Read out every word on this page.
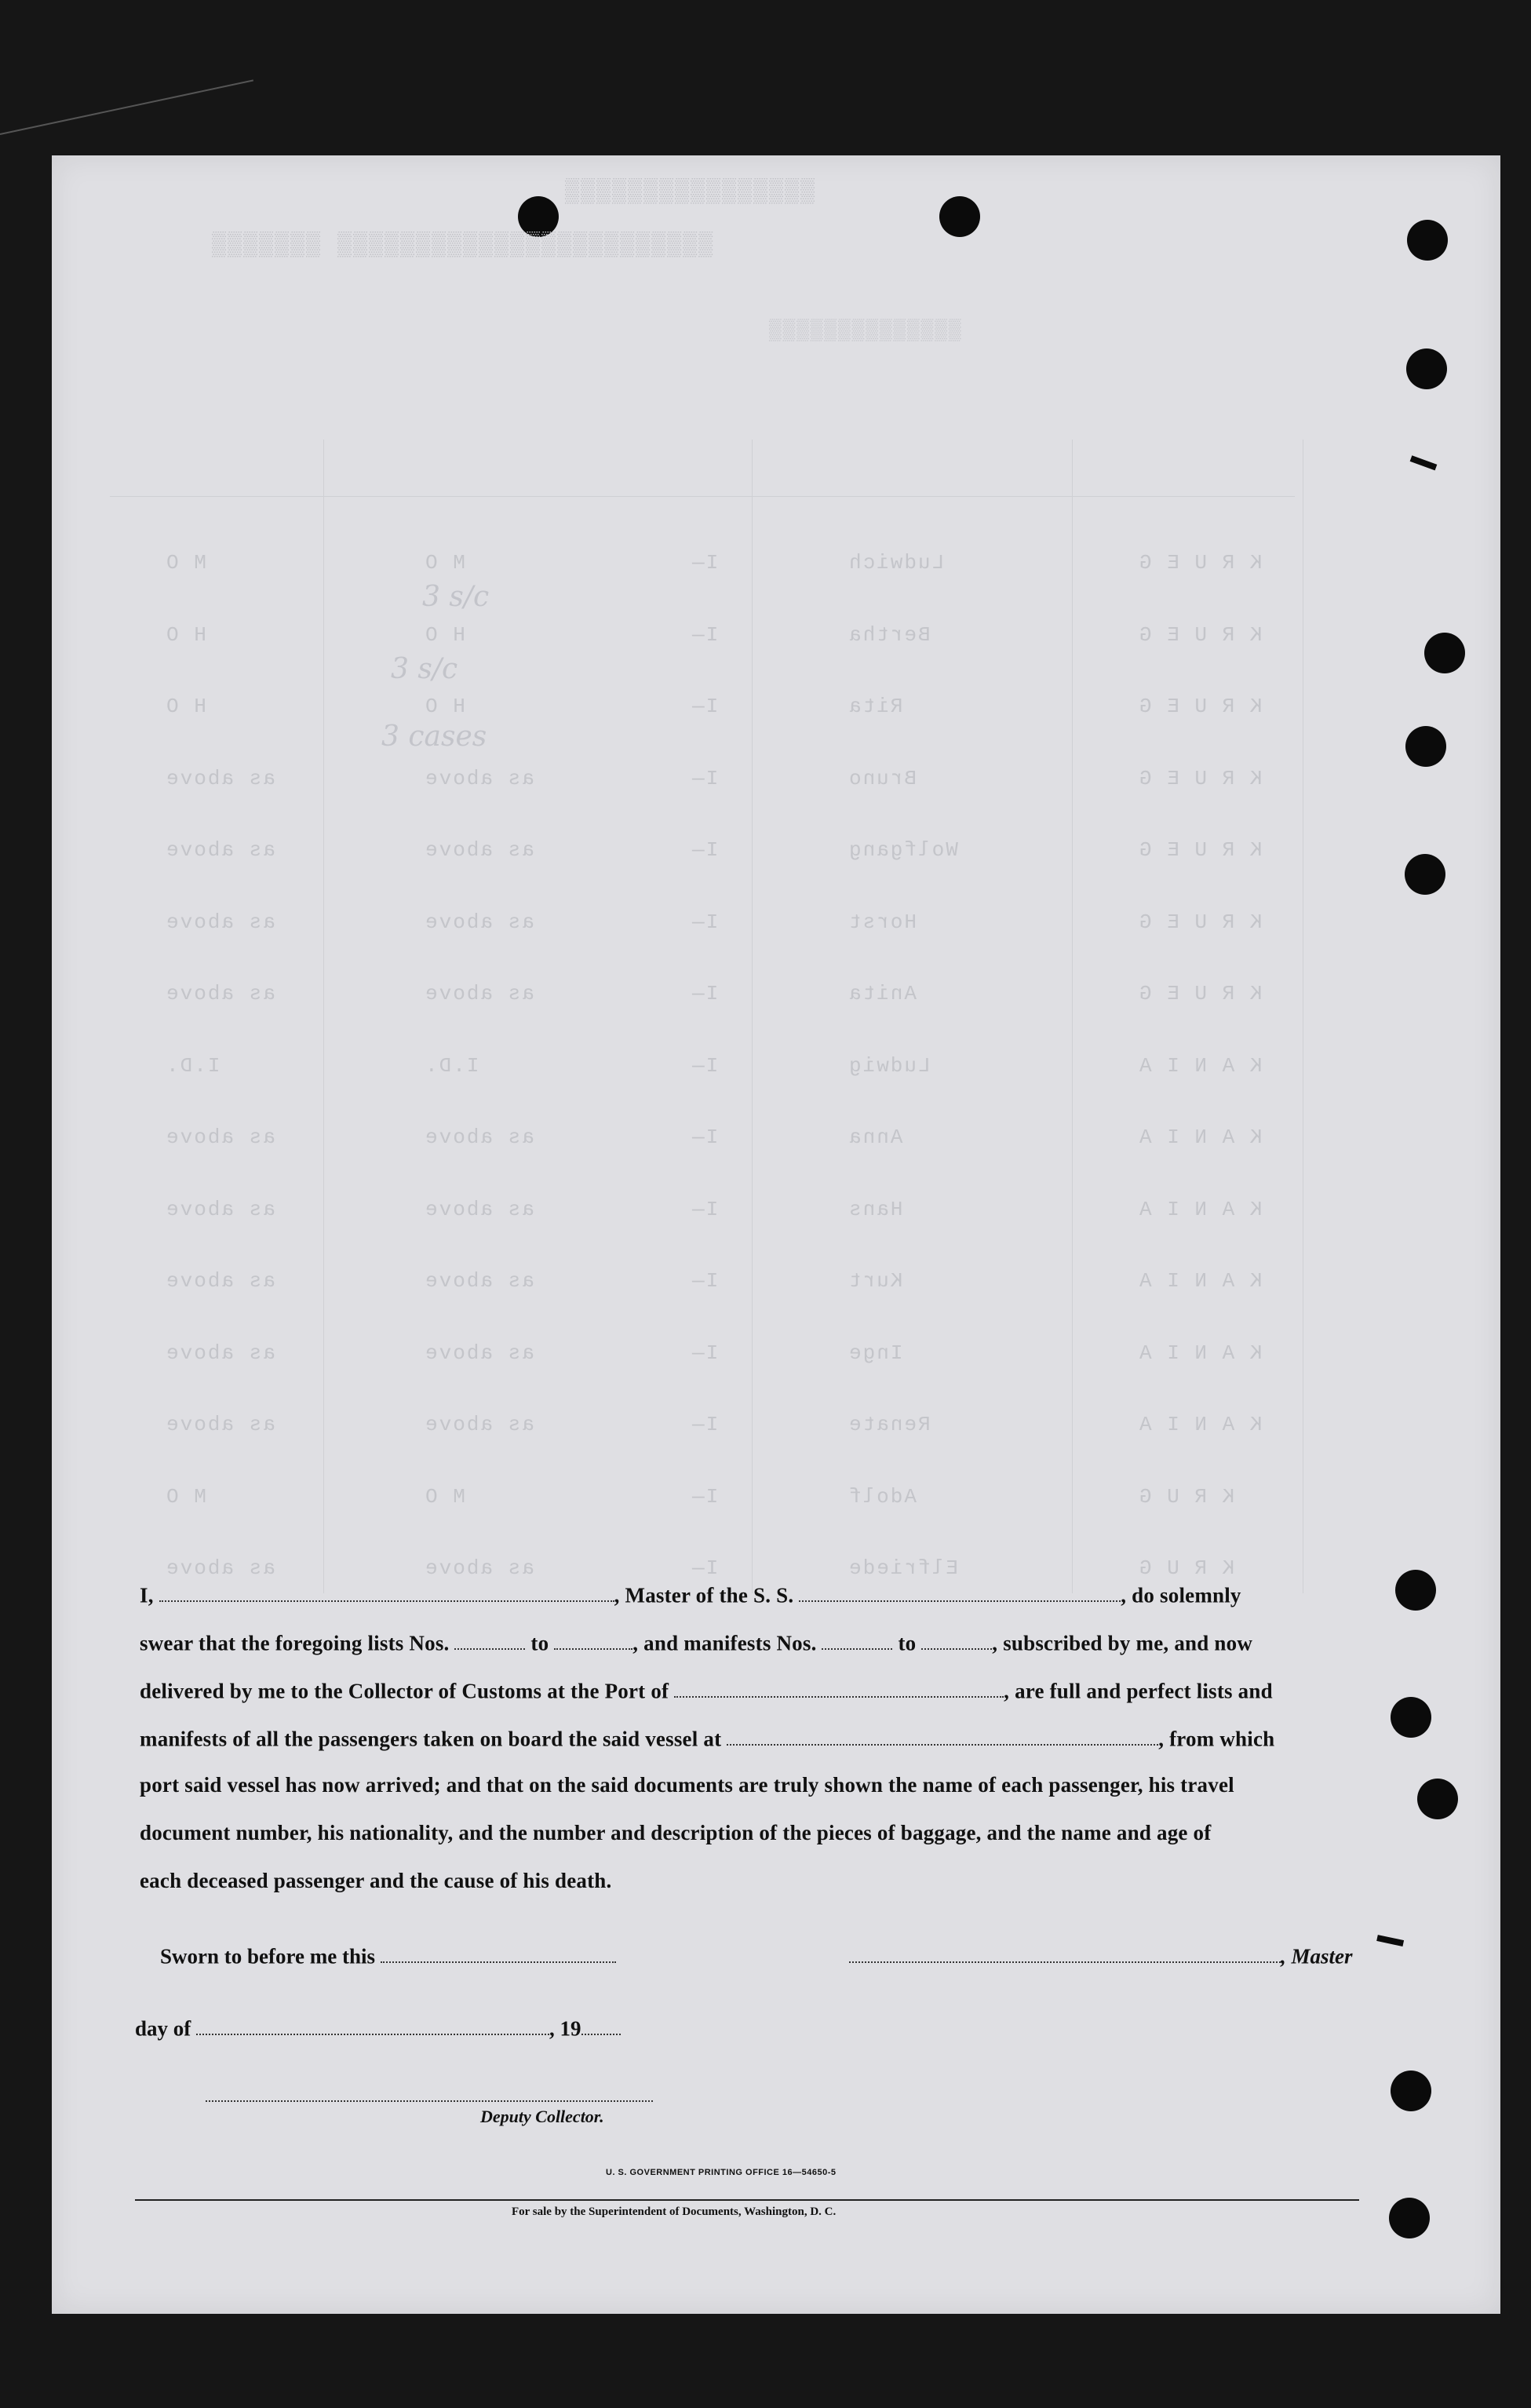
▒▒▒▒▒▒▒▒▒▒▒▒▒▒▒▒
▒▒▒▒▒▒▒ ▒▒▒▒▒▒▒▒▒▒▒▒▒▒▒▒▒▒▒▒▒▒▒▒
▒▒▒▒▒▒▒▒▒▒▒▒▒▒
M O	M O	I—	Ludwich	K R U E G
H O	H O	I—	Bertha	K R U E G
H O	H O	I—	Rita	K R U E G
as above	as above	I—	Bruno	K R U E G
as above	as above	I—	Wolfgang	K R U E G
as above	as above	I—	Horst	K R U E G
as above	as above	I—	Anita	K R U E G
I.D.	I.D.	I—	Ludwig	K A N I A
as above	as above	I—	Anna	K A N I A
as above	as above	I—	Hans	K A N I A
as above	as above	I—	Kurt	K A N I A
as above	as above	I—	Inge	K A N I A
as above	as above	I—	Renate	K A N I A
M O	M O	I—	Adolf	K R U G
as above	as above	I—	Elfriede	K R U G
3 s/c
3 s/c
3 cases
I,	, Master of the S. S.	, do solemnly
swear that the foregoing lists Nos.	to	, and manifests Nos.	to	, subscribed by me, and now
delivered by me to the Collector of Customs at the Port of	, are full and perfect lists and
manifests of all the passengers taken on board the said vessel at	, from which
port said vessel has now arrived; and that on the said documents are truly shown the name of each passenger, his travel
document number, his nationality, and the number and description of the pieces of baggage, and the name and age of
each deceased passenger and the cause of his death.
Sworn to before me this	, Master
day of	, 19
Deputy Collector.
U. S. GOVERNMENT PRINTING OFFICE 16—54650-5
For sale by the Superintendent of Documents, Washington, D. C.
